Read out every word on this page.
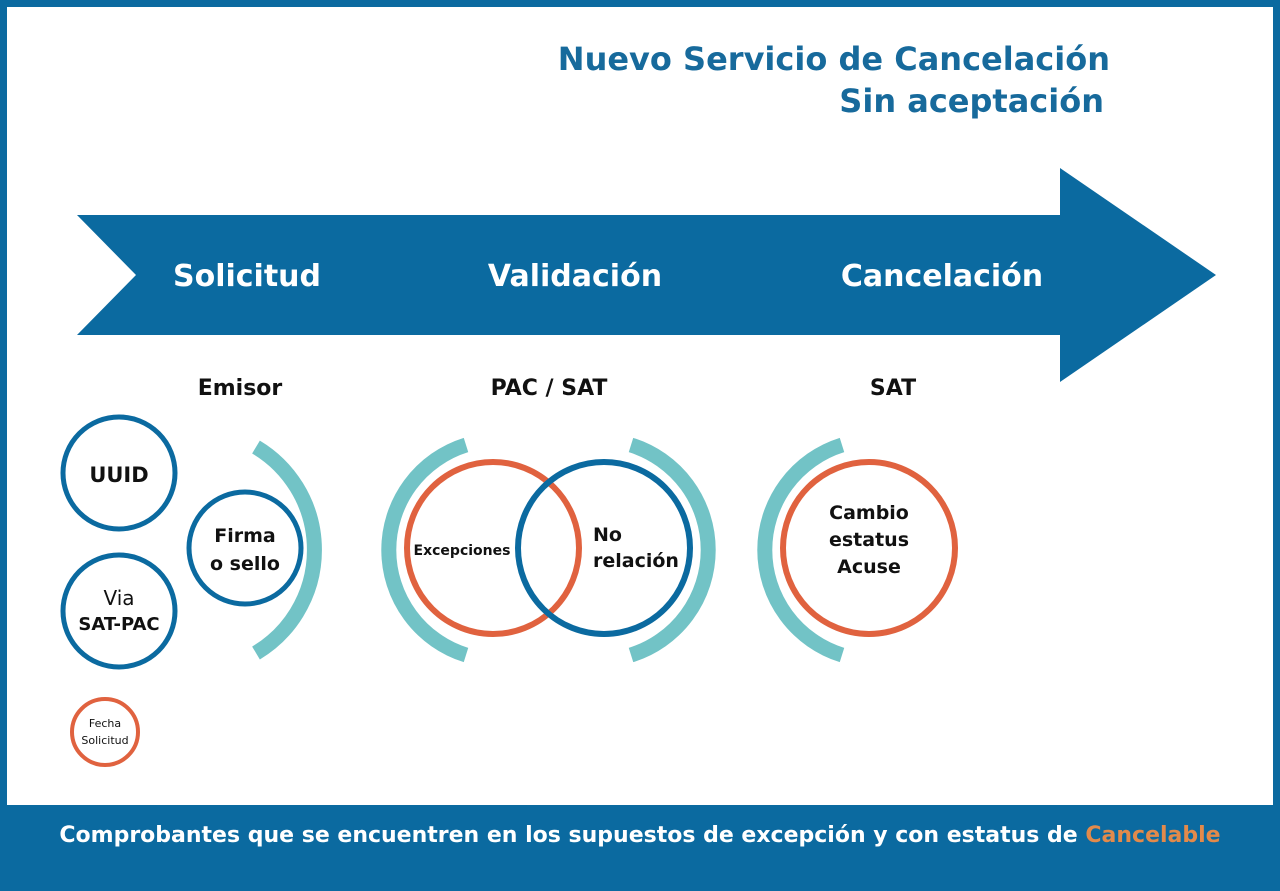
Nuevo Servicio de Cancelación
Sin aceptación
Solicitud	Validación	Cancelación
Emisor	PAC / SAT	SAT
UUID
Via
SAT-PAC
Fecha
Solicitud
Firma
o sello
Excepciones
No
relación
Cambio
estatus
Acuse
Comprobantes que se encuentren en los supuestos de excepción y con estatus de Cancelable
